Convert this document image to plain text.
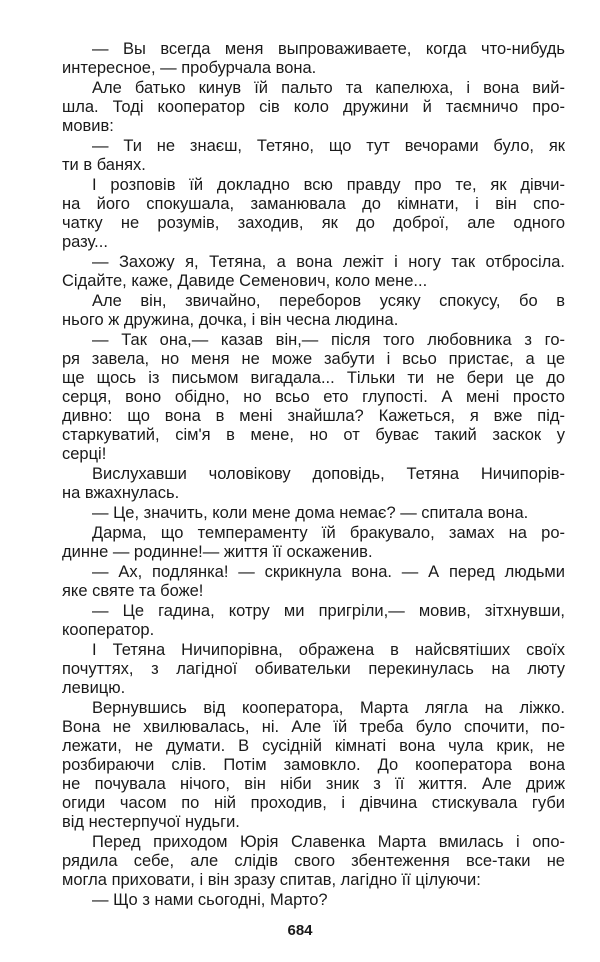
— Вы всегда меня выпроваживаете, когда что-нибудь
интересное, — пробурчала вона.
Але батько кинув їй пальто та капелюха, і вона вий-
шла. Тоді кооператор сів коло дружини й таємничо про-
мовив:
— Ти не знаєш, Тетяно, що тут вечорами було, як
ти в банях.
І розповів їй докладно всю правду про те, як дівчи-
на його спокушала, заманювала до кімнати, і він спо-
чатку не розумів, заходив, як до доброї, але одного
разу...
— Захожу я, Тетяна, а вона лежіт і ногу так отбросіла.
Сідайте, каже, Давиде Семенович, коло мене...
Але він, звичайно, переборов усяку спокусу, бо в
нього ж дружина, дочка, і він чесна людина.
— Так она,— казав він,— після того любовника з го-
ря завела, но меня не може забути і всьо пристає, а це
ще щось із письмом вигадала... Тільки ти не бери це до
серця, воно обідно, но всьо ето глупості. А мені просто
дивно: що вона в мені знайшла? Кажеться, я вже під-
старкуватий, сім'я в мене, но от буває такий заскок у
серці!
Вислухавши чоловікову доповідь, Тетяна Ничипорів-
на вжахнулась.
— Це, значить, коли мене дома немає? — спитала вона.
Дарма, що темпераменту їй бракувало, замах на ро-
динне — родинне!— життя її оскаженив.
— Ах, подлянка! — скрикнула вона. — А перед людьми
яке святе та боже!
— Це гадина, котру ми пригріли,— мовив, зітхнувши,
кооператор.
І Тетяна Ничипорівна, ображена в найсвятіших своїх
почуттях, з лагідної обивательки перекинулась на люту
левицю.
Вернувшись від кооператора, Марта лягла на ліжко.
Вона не хвилювалась, ні. Але їй треба було спочити, по-
лежати, не думати. В сусідній кімнаті вона чула крик, не
розбираючи слів. Потім замовкло. До кооператора вона
не почувала нічого, він ніби зник з її життя. Але дриж
огиди часом по ній проходив, і дівчина стискувала губи
від нестерпучої нудьги.
Перед приходом Юрія Славенка Марта вмилась і опо-
рядила себе, але слідів свого збентеження все-таки не
могла приховати, і він зразу спитав, лагідно її цілуючи:
— Що з нами сьогодні, Марто?
684
